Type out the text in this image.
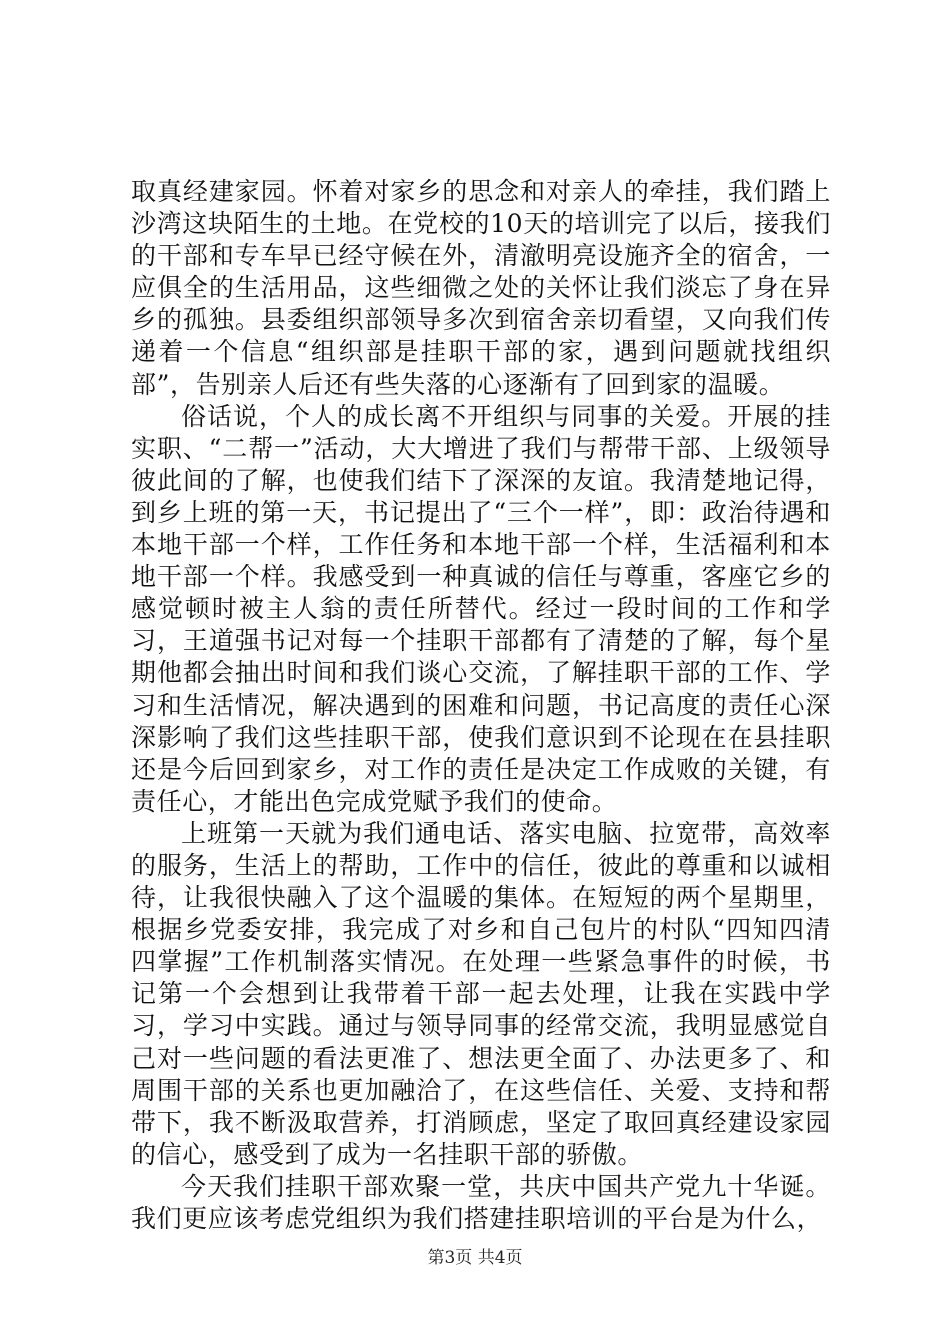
取真经建家园。怀着对家乡的思念和对亲人的牵挂，我们踏上沙湾这块陌生的土地。在党校的10天的培训完了以后，接我们的干部和专车早已经守候在外，清澈明亮设施齐全的宿舍，一应俱全的生活用品，这些细微之处的关怀让我们淡忘了身在异乡的孤独。县委组织部领导多次到宿舍亲切看望，又向我们传递着一个信息“组织部是挂职干部的家，遇到问题就找组织部”，告别亲人后还有些失落的心逐渐有了回到家的温暖。

俗话说，个人的成长离不开组织与同事的关爱。开展的挂实职、“二帮一”活动，大大增进了我们与帮带干部、上级领导彼此间的了解，也使我们结下了深深的友谊。我清楚地记得，到乡上班的第一天，书记提出了“三个一样”，即：政治待遇和本地干部一个样，工作任务和本地干部一个样，生活福利和本地干部一个样。我感受到一种真诚的信任与尊重，客座它乡的感觉顿时被主人翁的责任所替代。经过一段时间的工作和学习，王道强书记对每一个挂职干部都有了清楚的了解，每个星期他都会抽出时间和我们谈心交流，了解挂职干部的工作、学习和生活情况，解决遇到的困难和问题，书记高度的责任心深深影响了我们这些挂职干部，使我们意识到不论现在在县挂职还是今后回到家乡，对工作的责任是决定工作成败的关键，有责任心，才能出色完成党赋予我们的使命。

上班第一天就为我们通电话、落实电脑、拉宽带，高效率的服务，生活上的帮助，工作中的信任，彼此的尊重和以诚相待，让我很快融入了这个温暖的集体。在短短的两个星期里，根据乡党委安排，我完成了对乡和自己包片的村队“四知四清四掌握”工作机制落实情况。在处理一些紧急事件的时候，书记第一个会想到让我带着干部一起去处理，让我在实践中学习，学习中实践。通过与领导同事的经常交流，我明显感觉自己对一些问题的看法更准了、想法更全面了、办法更多了、和周围干部的关系也更加融洽了，在这些信任、关爱、支持和帮带下，我不断汲取营养，打消顾虑，坚定了取回真经建设家园的信心，感受到了成为一名挂职干部的骄傲。

今天我们挂职干部欢聚一堂，共庆中国共产党九十华诞。我们更应该考虑党组织为我们搭建挂职培训的平台是为什么，

第3页 共4页
